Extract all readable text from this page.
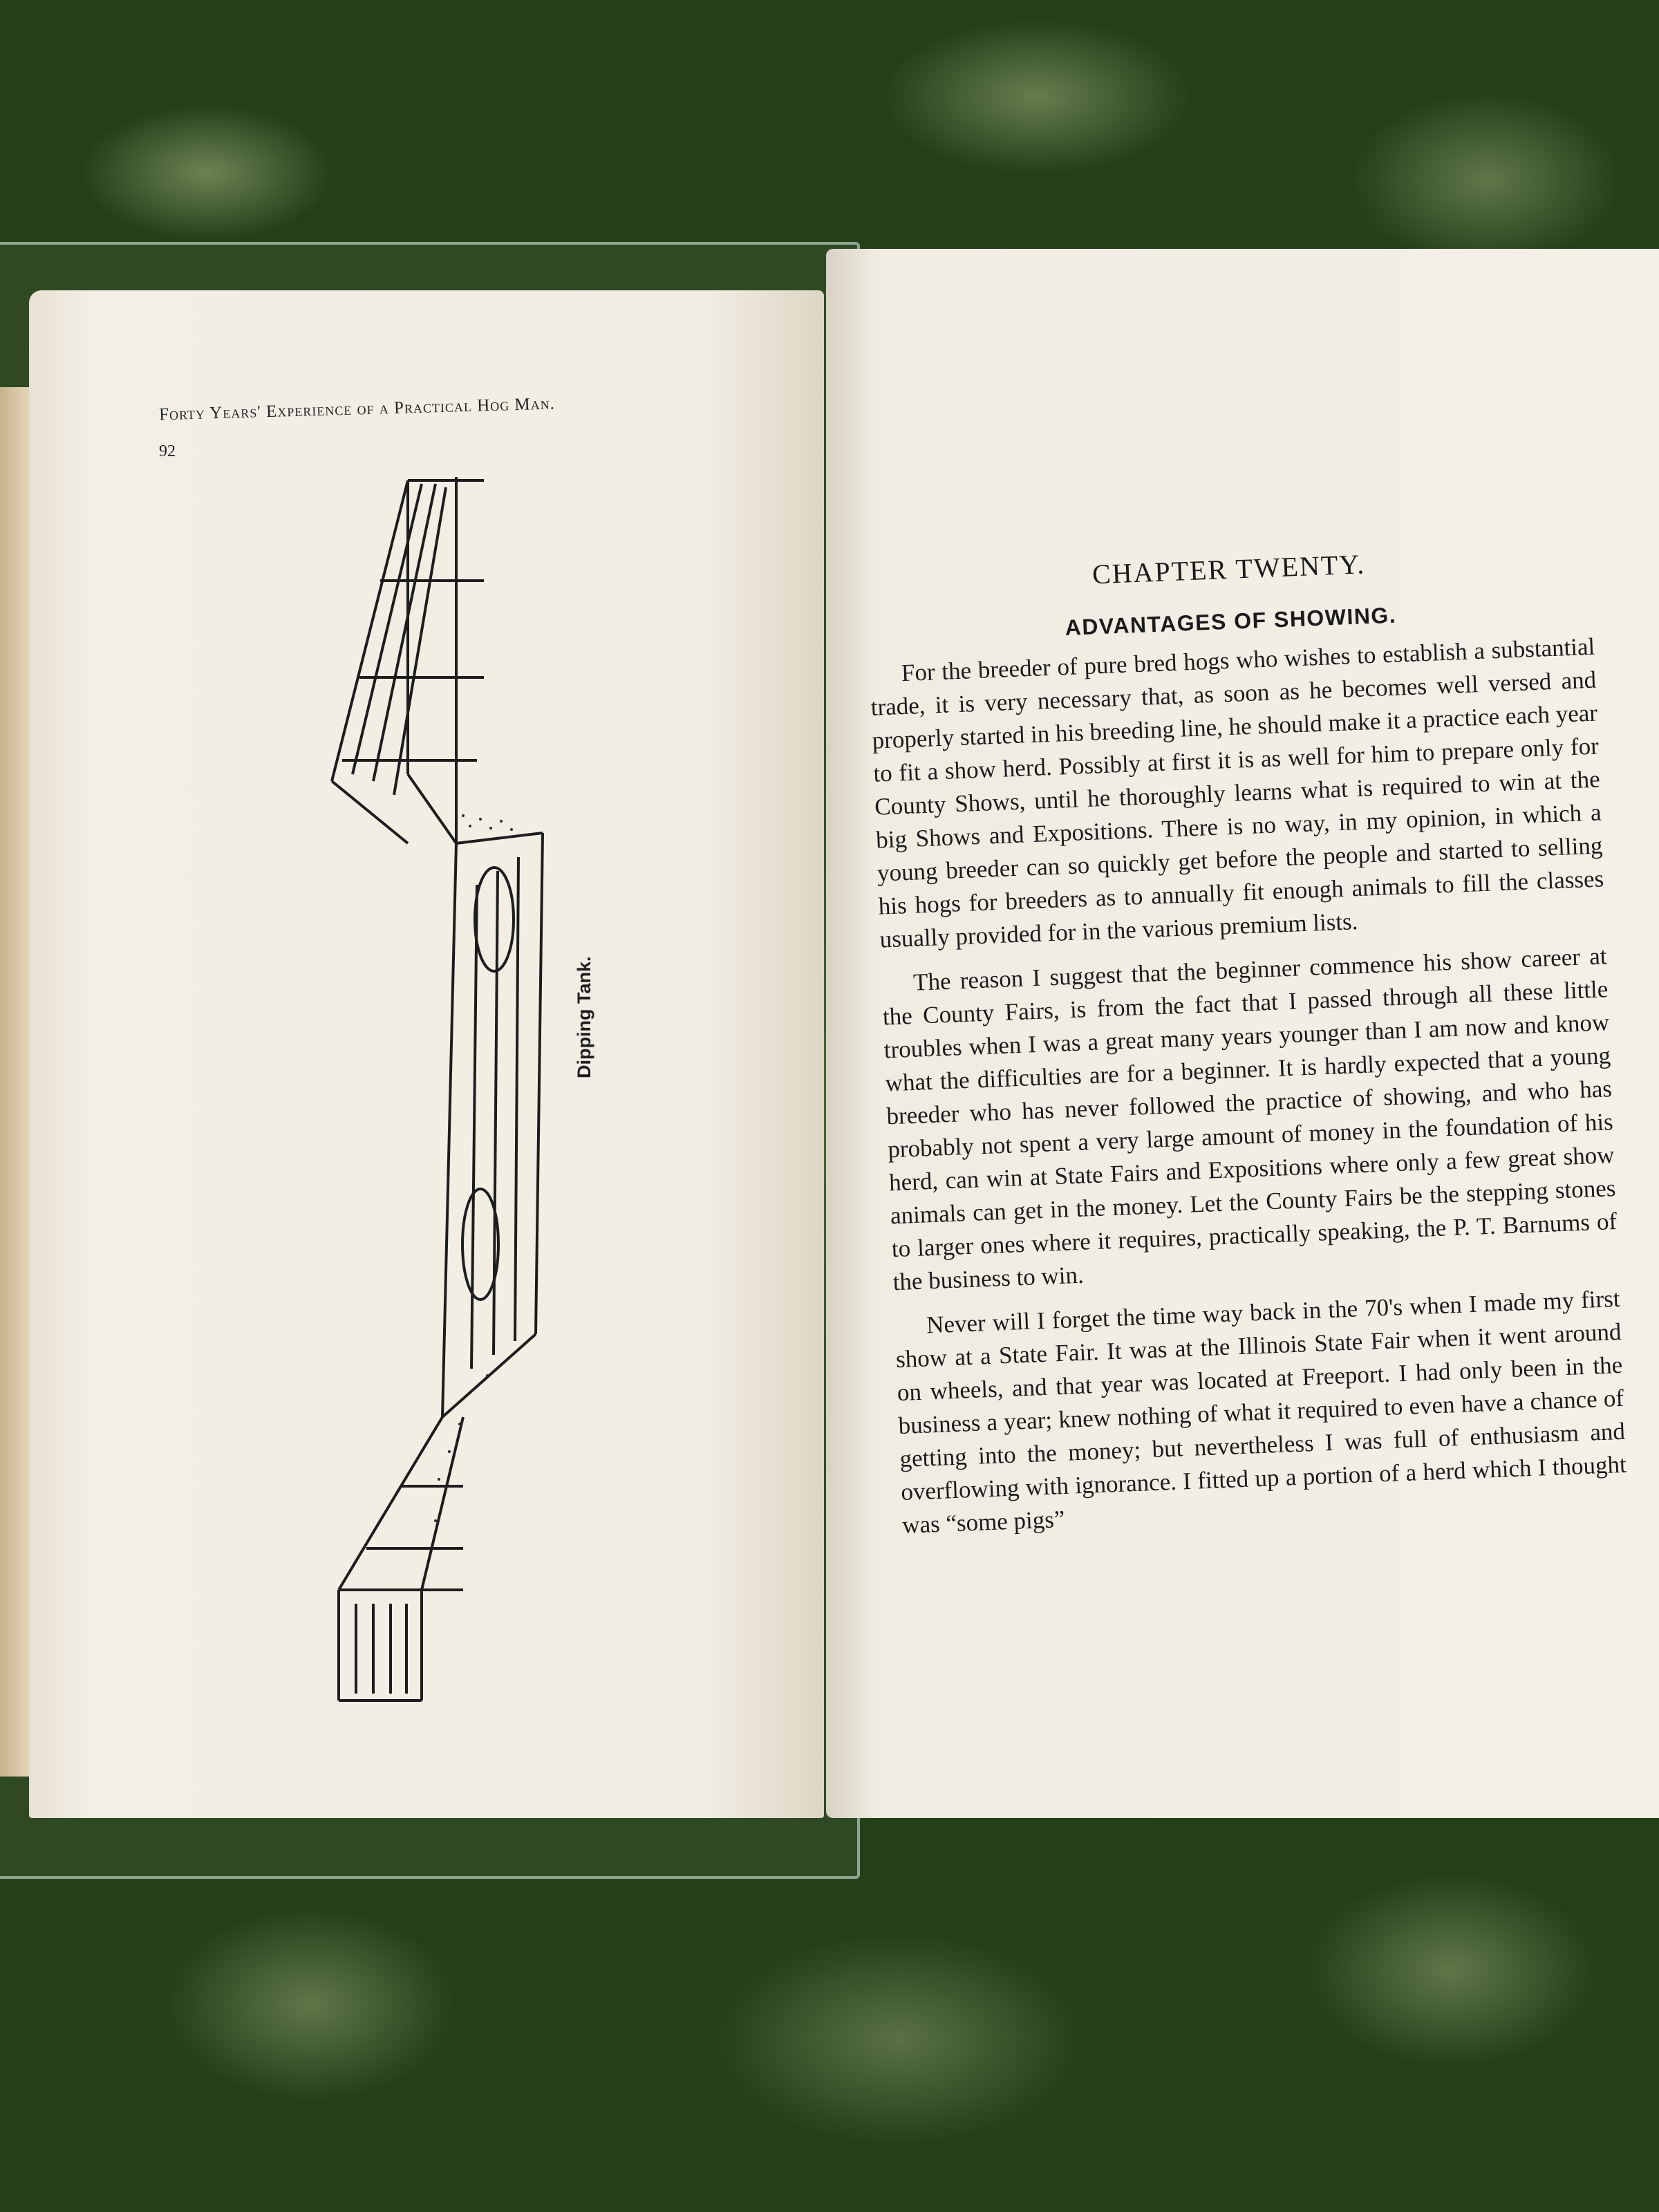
Forty Years' Experience of a Practical Hog Man.
92
Dipping Tank.
CHAPTER TWENTY.
ADVANTAGES OF SHOWING.

For the breeder of pure bred hogs who wishes to establish a substantial trade, it is very necessary that, as soon as he becomes well versed and properly started in his breeding line, he should make it a practice each year to fit a show herd. Possibly at first it is as well for him to prepare only for County Shows, until he thoroughly learns what is required to win at the big Shows and Expositions. There is no way, in my opinion, in which a young breeder can so quickly get before the people and started to selling his hogs for breeders as to annually fit enough animals to fill the classes usually provided for in the various premium lists.

The reason I suggest that the beginner commence his show career at the County Fairs, is from the fact that I passed through all these little troubles when I was a great many years younger than I am now and know what the difficulties are for a beginner. It is hardly expected that a young breeder who has never followed the practice of showing, and who has probably not spent a very large amount of money in the foundation of his herd, can win at State Fairs and Expositions where only a few great show animals can get in the money. Let the County Fairs be the stepping stones to larger ones where it requires, practically speaking, the P. T. Barnums of the business to win.

Never will I forget the time way back in the 70's when I made my first show at a State Fair. It was at the Illinois State Fair when it went around on wheels, and that year was located at Freeport. I had only been in the business a year; knew nothing of what it required to even have a chance of getting into the money; but nevertheless I was full of enthusiasm and overflowing with ignorance. I fitted up a portion of a herd which I thought was “some pigs”
